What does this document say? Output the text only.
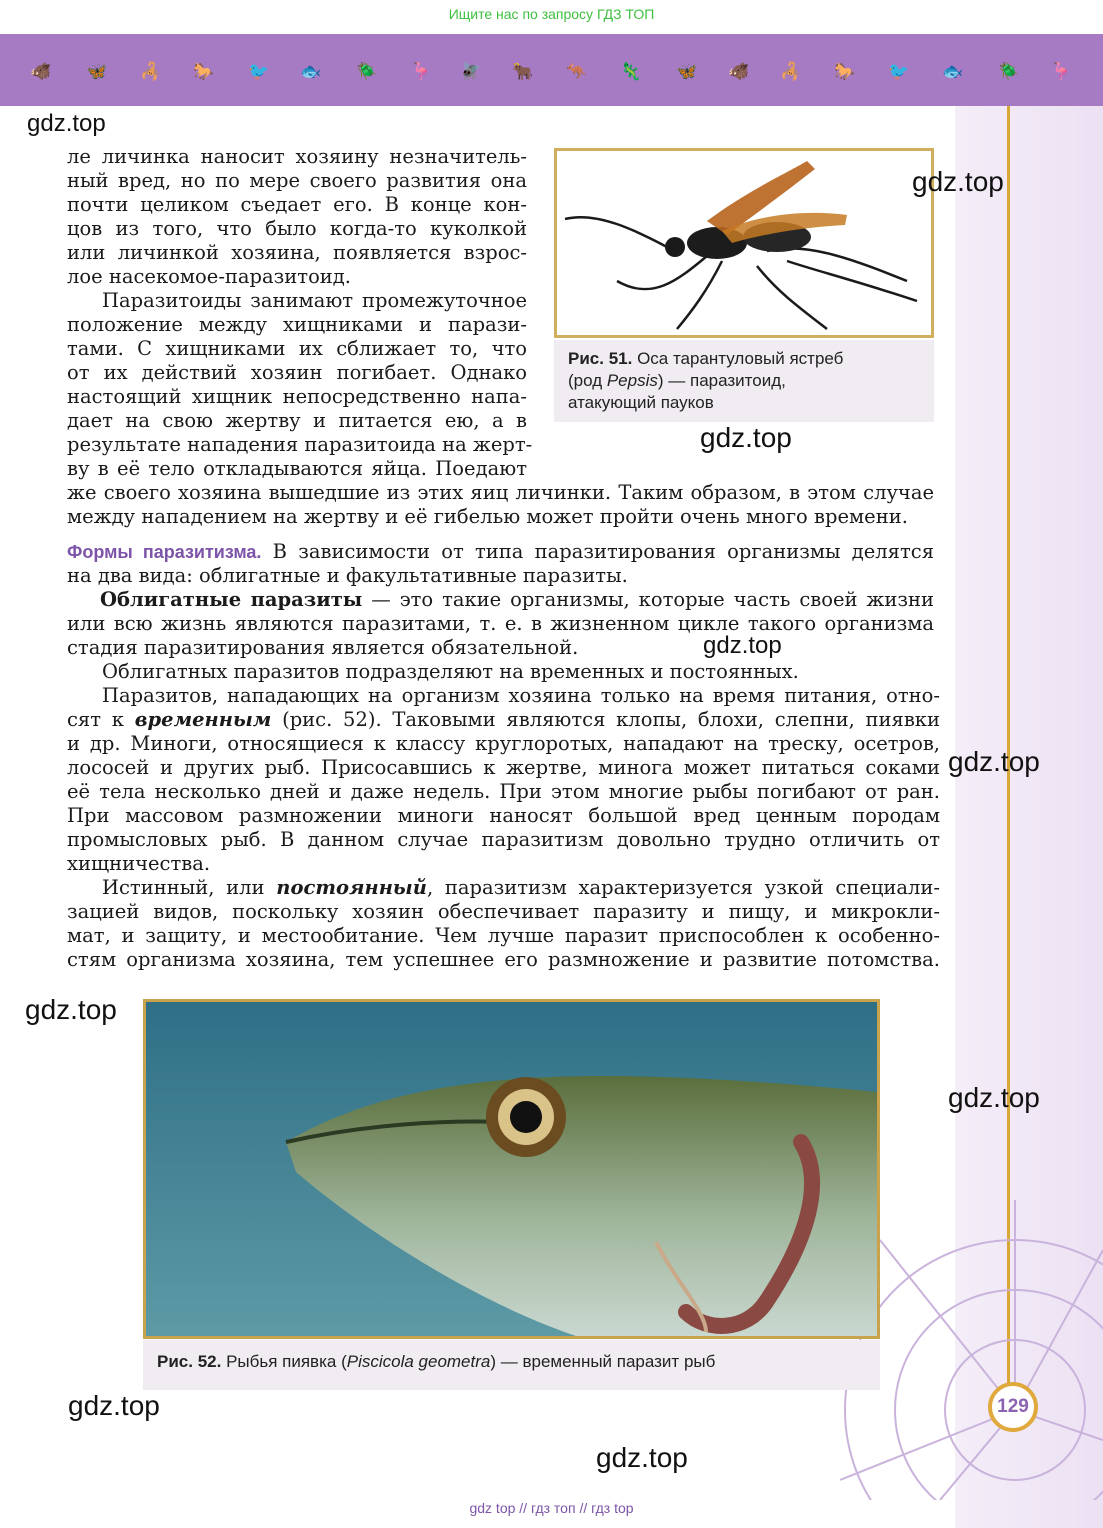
Ищите нас по запросу ГДЗ ТОП
🐗 🦋 🦂 🐎 🐦 🐟 🪲 🦩 🪰 🐂 🦘 🦎 🦋 🐗 🦂 🐎 🐦 🐟 🪲 🦩
ле личинка наносит хозяину незначитель-
ный вред, но по мере своего развития она
почти целиком съедает его. В конце кон-
цов из того, что было когда-то куколкой
или личинкой хозяина, появляется взрос-
лое насекомое-паразитоид.
Паразитоиды занимают промежуточное
положение между хищниками и парази-
тами. С хищниками их сближает то, что
от их действий хозяин погибает. Однако
настоящий хищник непосредственно напа-
дает на свою жертву и питается ею, а в
результате нападения паразитоида на жерт-
ву в её тело откладываются яйца. Поедают
же своего хозяина вышедшие из этих яиц личинки. Таким образом, в этом случае
между нападением на жертву и её гибелью может пройти очень много времени.
Рис. 51. Оса тарантуловый ястреб
(род Pepsis) — паразитоид,
атакующий пауков
Формы паразитизма. В зависимости от типа паразитирования организмы делятся
на два вида: облигатные и факультативные паразиты.
Облигатные паразиты — это такие организмы, которые часть своей жизни
или всю жизнь являются паразитами, т. е. в жизненном цикле такого организма
стадия паразитирования является обязательной.
Облигатных паразитов подразделяют на временных и постоянных.
Паразитов, нападающих на организм хозяина только на время питания, отно-
сят к временным (рис. 52). Таковыми являются клопы, блохи, слепни, пиявки
и др. Миноги, относящиеся к классу круглоротых, нападают на треску, осетров,
лососей и других рыб. Присосавшись к жертве, минога может питаться соками
её тела несколько дней и даже недель. При этом многие рыбы погибают от ран.
При массовом размножении миноги наносят большой вред ценным породам
промысловых рыб. В данном случае паразитизм довольно трудно отличить от
хищничества.
Истинный, или постоянный, паразитизм характеризуется узкой специали-
зацией видов, поскольку хозяин обеспечивает паразиту и пищу, и микрокли-
мат, и защиту, и местообитание. Чем лучше паразит приспособлен к особенно-
стям организма хозяина, тем успешнее его размножение и развитие потомства.
Рис. 52. Рыбья пиявка (Piscicola geometra) — временный паразит рыб
gdz.top
gdz.top
gdz.top
gdz.top
gdz.top
gdz.top
gdz.top
gdz.top
gdz.top
129
gdz top // гдз топ // гдз top
